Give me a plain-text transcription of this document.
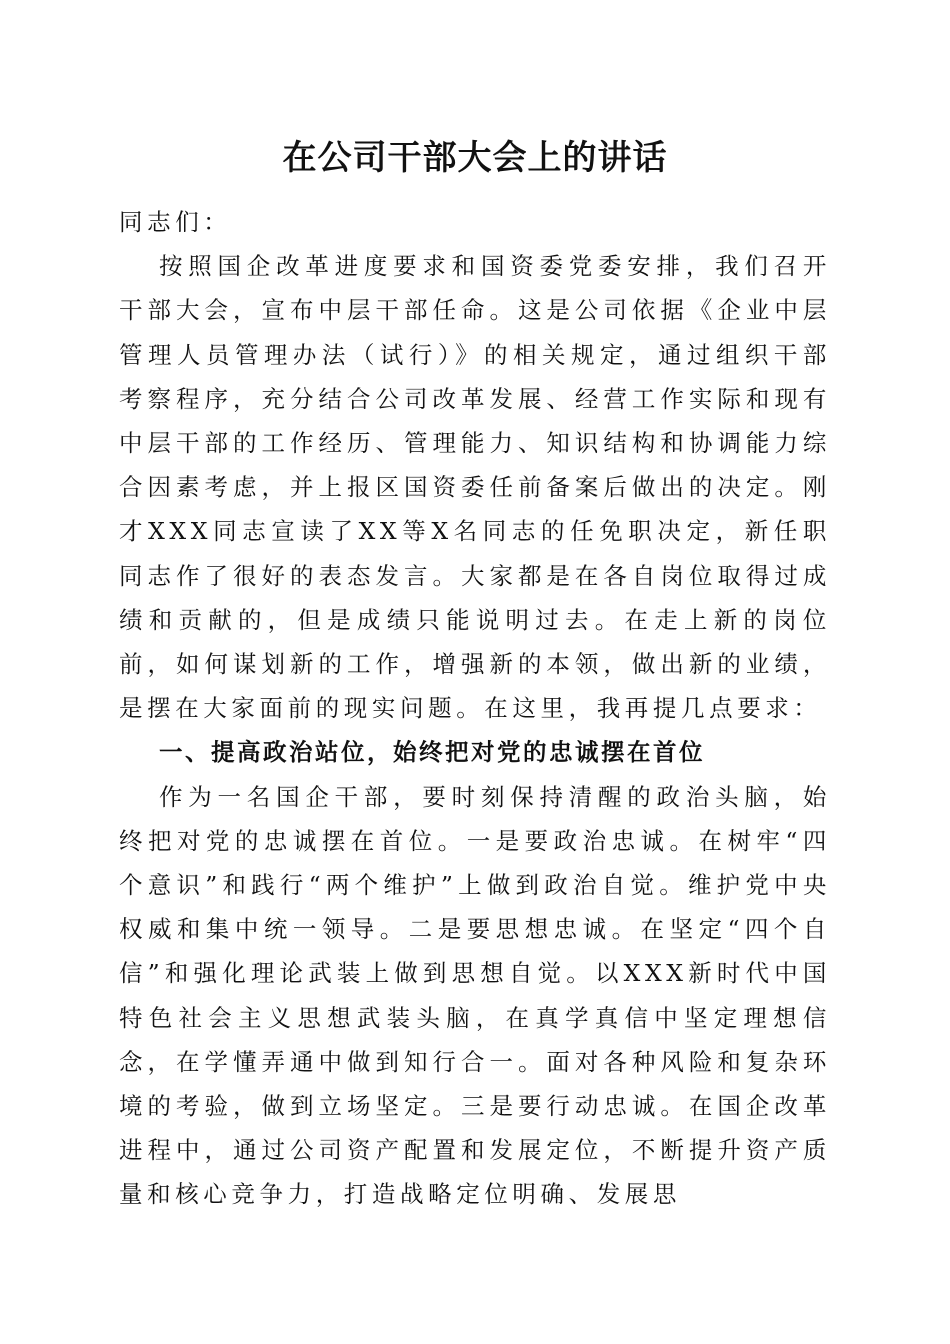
在公司干部大会上的讲话

同志们：

按照国企改革进度要求和国资委党委安排，我们召开干部大会，宣布中层干部任命。这是公司依据《企业中层管理人员管理办法（试行）》的相关规定，通过组织干部考察程序，充分结合公司改革发展、经营工作实际和现有中层干部的工作经历、管理能力、知识结构和协调能力综合因素考虑，并上报区国资委任前备案后做出的决定。刚才XXX同志宣读了XX等X名同志的任免职决定，新任职同志作了很好的表态发言。大家都是在各自岗位取得过成绩和贡献的，但是成绩只能说明过去。在走上新的岗位前，如何谋划新的工作，增强新的本领，做出新的业绩，是摆在大家面前的现实问题。在这里，我再提几点要求：

一、提高政治站位，始终把对党的忠诚摆在首位

作为一名国企干部，要时刻保持清醒的政治头脑，始终把对党的忠诚摆在首位。一是要政治忠诚。在树牢“四个意识”和践行“两个维护”上做到政治自觉。维护党中央权威和集中统一领导。二是要思想忠诚。在坚定“四个自信”和强化理论武装上做到思想自觉。以XXX新时代中国特色社会主义思想武装头脑，在真学真信中坚定理想信念，在学懂弄通中做到知行合一。面对各种风险和复杂环境的考验，做到立场坚定。三是要行动忠诚。在国企改革进程中，通过公司资产配置和发展定位，不断提升资产质量和核心竞争力，打造战略定位明确、发展思
